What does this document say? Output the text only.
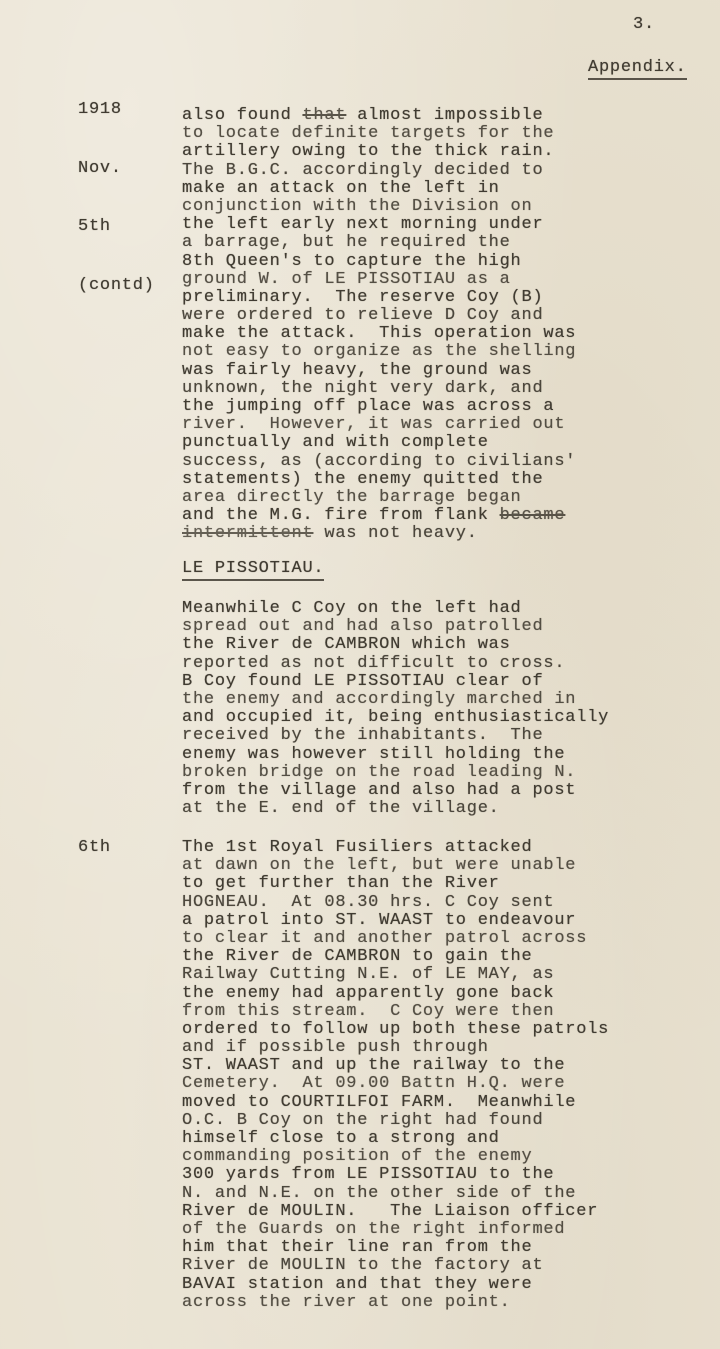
3.
Appendix.

1918

Nov.

5th

(contd)

also found that almost impossible
to locate definite targets for the
artillery owing to the thick rain.
The B.G.C. accordingly decided to
make an attack on the left in
conjunction with the Division on
the left early next morning under
a barrage, but he required the
8th Queen's to capture the high
ground W. of LE PISSOTIAU as a
preliminary.  The reserve Coy (B)
were ordered to relieve D Coy and
make the attack.  This operation was
not easy to organize as the shelling
was fairly heavy, the ground was
unknown, the night very dark, and
the jumping off place was across a
river.  However, it was carried out
punctually and with complete
success, as (according to civilians'
statements) the enemy quitted the
area directly the barrage began
and the M.G. fire from flank became
intermittent was not heavy.
LE PISSOTIAU.
Meanwhile C Coy on the left had
spread out and had also patrolled
the River de CAMBRON which was
reported as not difficult to cross.
B Coy found LE PISSOTIAU clear of
the enemy and accordingly marched in
and occupied it, being enthusiastically
received by the inhabitants.  The
enemy was however still holding the
broken bridge on the road leading N.
from the village and also had a post
at the E. end of the village.
6th	The 1st Royal Fusiliers attacked
at dawn on the left, but were unable
to get further than the River
HOGNEAU.  At 08.30 hrs. C Coy sent
a patrol into ST. WAAST to endeavour
to clear it and another patrol across
the River de CAMBRON to gain the
Railway Cutting N.E. of LE MAY, as
the enemy had apparently gone back
from this stream.  C Coy were then
ordered to follow up both these patrols
and if possible push through
ST. WAAST and up the railway to the
Cemetery.  At 09.00 Battn H.Q. were
moved to COURTILFOI FARM.  Meanwhile
O.C. B Coy on the right had found
himself close to a strong and
commanding position of the enemy
300 yards from LE PISSOTIAU to the
N. and N.E. on the other side of the
River de MOULIN.   The Liaison officer
of the Guards on the right informed
him that their line ran from the
River de MOULIN to the factory at
BAVAI station and that they were
across the river at one point.
